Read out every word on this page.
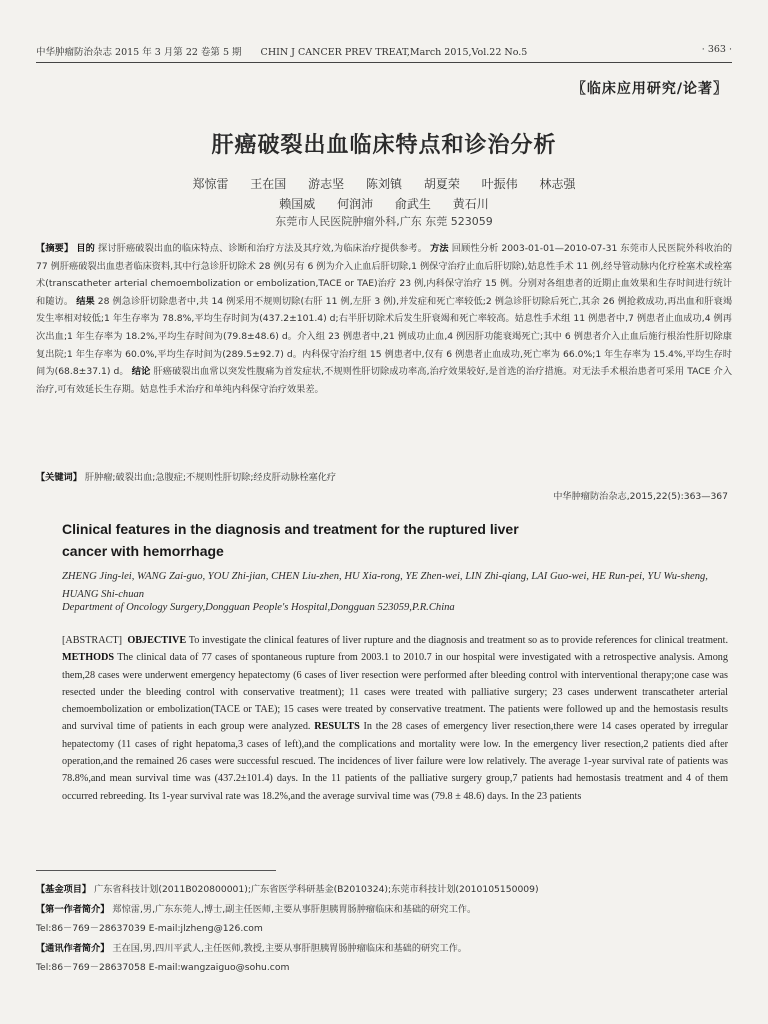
中华肿瘤防治杂志 2015 年 3 月第 22 卷第 5 期 CHIN J CANCER PREV TREAT,March 2015,Vol.22 No.5	· 363 ·
〖临床应用研究/论著〗
肝癌破裂出血临床特点和诊治分析
郑惊雷 王在国 游志坚 陈刘镇 胡夏荣 叶振伟 林志强
赖国威 何润沛 俞武生 黄石川
东莞市人民医院肿瘤外科,广东 东莞 523059
【摘要】 目的 探讨肝癌破裂出血的临床特点、诊断和治疗方法及其疗效,为临床治疗提供参考。 方法 回顾性分析 2003-01-01—2010-07-31 东莞市人民医院外科收治的 77 例肝癌破裂出血患者临床资料,其中行急诊肝切除术 28 例(另有 6 例为介入止血后肝切除,1 例保守治疗止血后肝切除),姑息性手术 11 例,经导管动脉内化疗栓塞术或栓塞术(transcatheter arterial chemoembolization or embolization,TACE or TAE)治疗 23 例,内科保守治疗 15 例。分别对各组患者的近期止血效果和生存时间进行统计和随访。 结果 28 例急诊肝切除患者中,共 14 例采用不规则切除(右肝 11 例,左肝 3 例),并发症和死亡率较低;2 例急诊肝切除后死亡,其余 26 例抢救成功,再出血和肝衰竭发生率相对较低;1 年生存率为 78.8%,平均生存时间为(437.2±101.4) d;右半肝切除术后发生肝衰竭和死亡率较高。姑息性手术组 11 例患者中,7 例患者止血成功,4 例再次出血;1 年生存率为 18.2%,平均生存时间为(79.8±48.6) d。介入组 23 例患者中,21 例成功止血,4 例因肝功能衰竭死亡;其中 6 例患者介入止血后施行根治性肝切除康复出院;1 年生存率为 60.0%,平均生存时间为(289.5±92.7) d。内科保守治疗组 15 例患者中,仅有 6 例患者止血成功,死亡率为 66.0%;1 年生存率为 15.4%,平均生存时间为(68.8±37.1) d。 结论 肝癌破裂出血常以突发性腹痛为首发症状,不规则性肝切除成功率高,治疗效果较好,是首选的治疗措施。对无法手术根治患者可采用 TACE 介入治疗,可有效延长生存期。姑息性手术治疗和单纯内科保守治疗效果差。
【关键词】 肝肿瘤;破裂出血;急腹症;不规则性肝切除;经皮肝动脉栓塞化疗
中华肿瘤防治杂志,2015,22(5):363—367
Clinical features in the diagnosis and treatment for the ruptured liver cancer with hemorrhage
ZHENG Jing-lei, WANG Zai-guo, YOU Zhi-jian, CHEN Liu-zhen, HU Xia-rong, YE Zhen-wei, LIN Zhi-qiang, LAI Guo-wei, HE Run-pei, YU Wu-sheng, HUANG Shi-chuan
Department of Oncology Surgery,Dongguan People's Hospital,Dongguan 523059,P.R.China
[ABSTRACT] OBJECTIVE To investigate the clinical features of liver rupture and the diagnosis and treatment so as to provide references for clinical treatment. METHODS The clinical data of 77 cases of spontaneous rupture from 2003.1 to 2010.7 in our hospital were investigated with a retrospective analysis. Among them,28 cases were underwent emergency hepatectomy (6 cases of liver resection were performed after bleeding control with interventional therapy;one case was resected under the bleeding control with conservative treatment); 11 cases were treated with palliative surgery; 23 cases underwent transcatheter arterial chemoembolization or embolization(TACE or TAE); 15 cases were treated by conservative treatment. The patients were followed up and the hemostasis results and survival time of patients in each group were analyzed. RESULTS In the 28 cases of emergency liver resection,there were 14 cases operated by irregular hepatectomy (11 cases of right hepatoma,3 cases of left),and the complications and mortality were low. In the emergency liver resection,2 patients died after operation,and the remained 26 cases were successful rescued. The incidences of liver failure were low relatively. The average 1-year survival rate of patients was 78.8%,and mean survival time was (437.2±101.4) days. In the 11 patients of the palliative surgery group,7 patients had hemostasis treatment and 4 of them occurred rebreeding. Its 1-year survival rate was 18.2%,and the average survival time was (79.8 ± 48.6) days. In the 23 patients
【基金项目】 广东省科技计划(2011B020800001);广东省医学科研基金(B2010324);东莞市科技计划(2010105150009)
【第一作者简介】 郑惊雷,男,广东东莞人,博士,副主任医师,主要从事肝胆胰胃肠肿瘤临床和基础的研究工作。
Tel:86－769－28637039 E-mail:jlzheng@126.com
【通讯作者简介】 王在国,男,四川平武人,主任医师,教授,主要从事肝胆胰胃肠肿瘤临床和基础的研究工作。
Tel:86－769－28637058 E-mail:wangzaiguo@sohu.com
